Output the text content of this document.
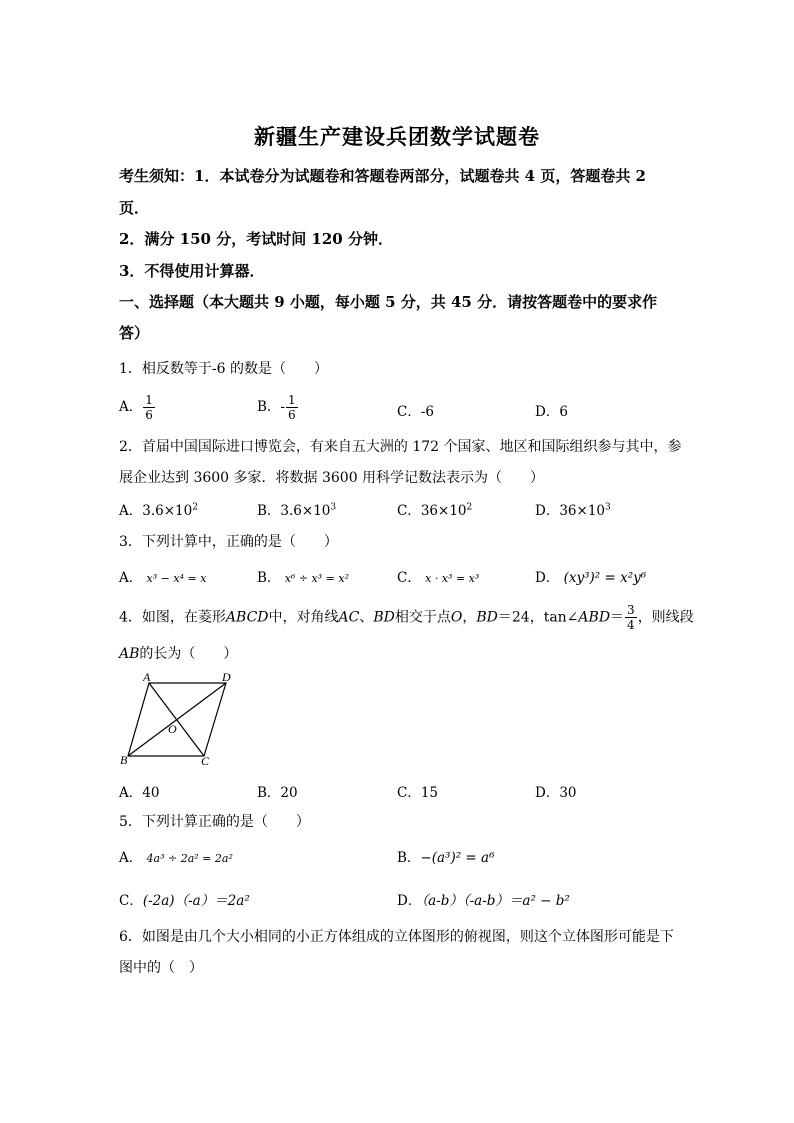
新疆生产建设兵团数学试题卷
考生须知：1．本试卷分为试题卷和答题卷两部分，试题卷共 4 页，答题卷共 2
页．
2．满分 150 分，考试时间 120 分钟．
3．不得使用计算器．
一、选择题（本大题共 9 小题，每小题 5 分，共 45 分．请按答题卷中的要求作
答）
1．相反数等于-6 的数是（　　）
A． $\frac{1}{6}$	B．- $\frac{1}{6}$	C．-6	D．6
2．首届中国国际进口博览会，有来自五大洲的 172 个国家、地区和国际组织参与其中，参
展企业达到 3600 多家．将数据 3600 用科学记数法表示为（　　）
A．$3.6\times 10^2$	B．$3.6\times 10^3$	C．$36\times 10^2$	D．$36\times 10^3$
3．下列计算中，正确的是（　　）
A． x³ − x⁴ = x	B． x⁶ ÷ x³ = x²	C． x · x³ = x³	D． (xy³)² = x²y⁶
4．如图，在菱形ABCD中，对角线AC、BD相交于点O，BD＝24，tan∠ABD＝ $\frac{3}{4}$ ，则线段
AB的长为（　　）
A	D
B	C
O
A．40	B．20	C．15	D．30
5．下列计算正确的是（　　）
A． 4a³ ÷ 2a² = 2a²	B．−(a³)² = a⁶
C．(-2a)（-a）＝2a²	D．（a-b）（-a-b）＝a² − b²
6．如图是由几个大小相同的小正方体组成的立体图形的俯视图，则这个立体图形可能是下
图中的（　）
